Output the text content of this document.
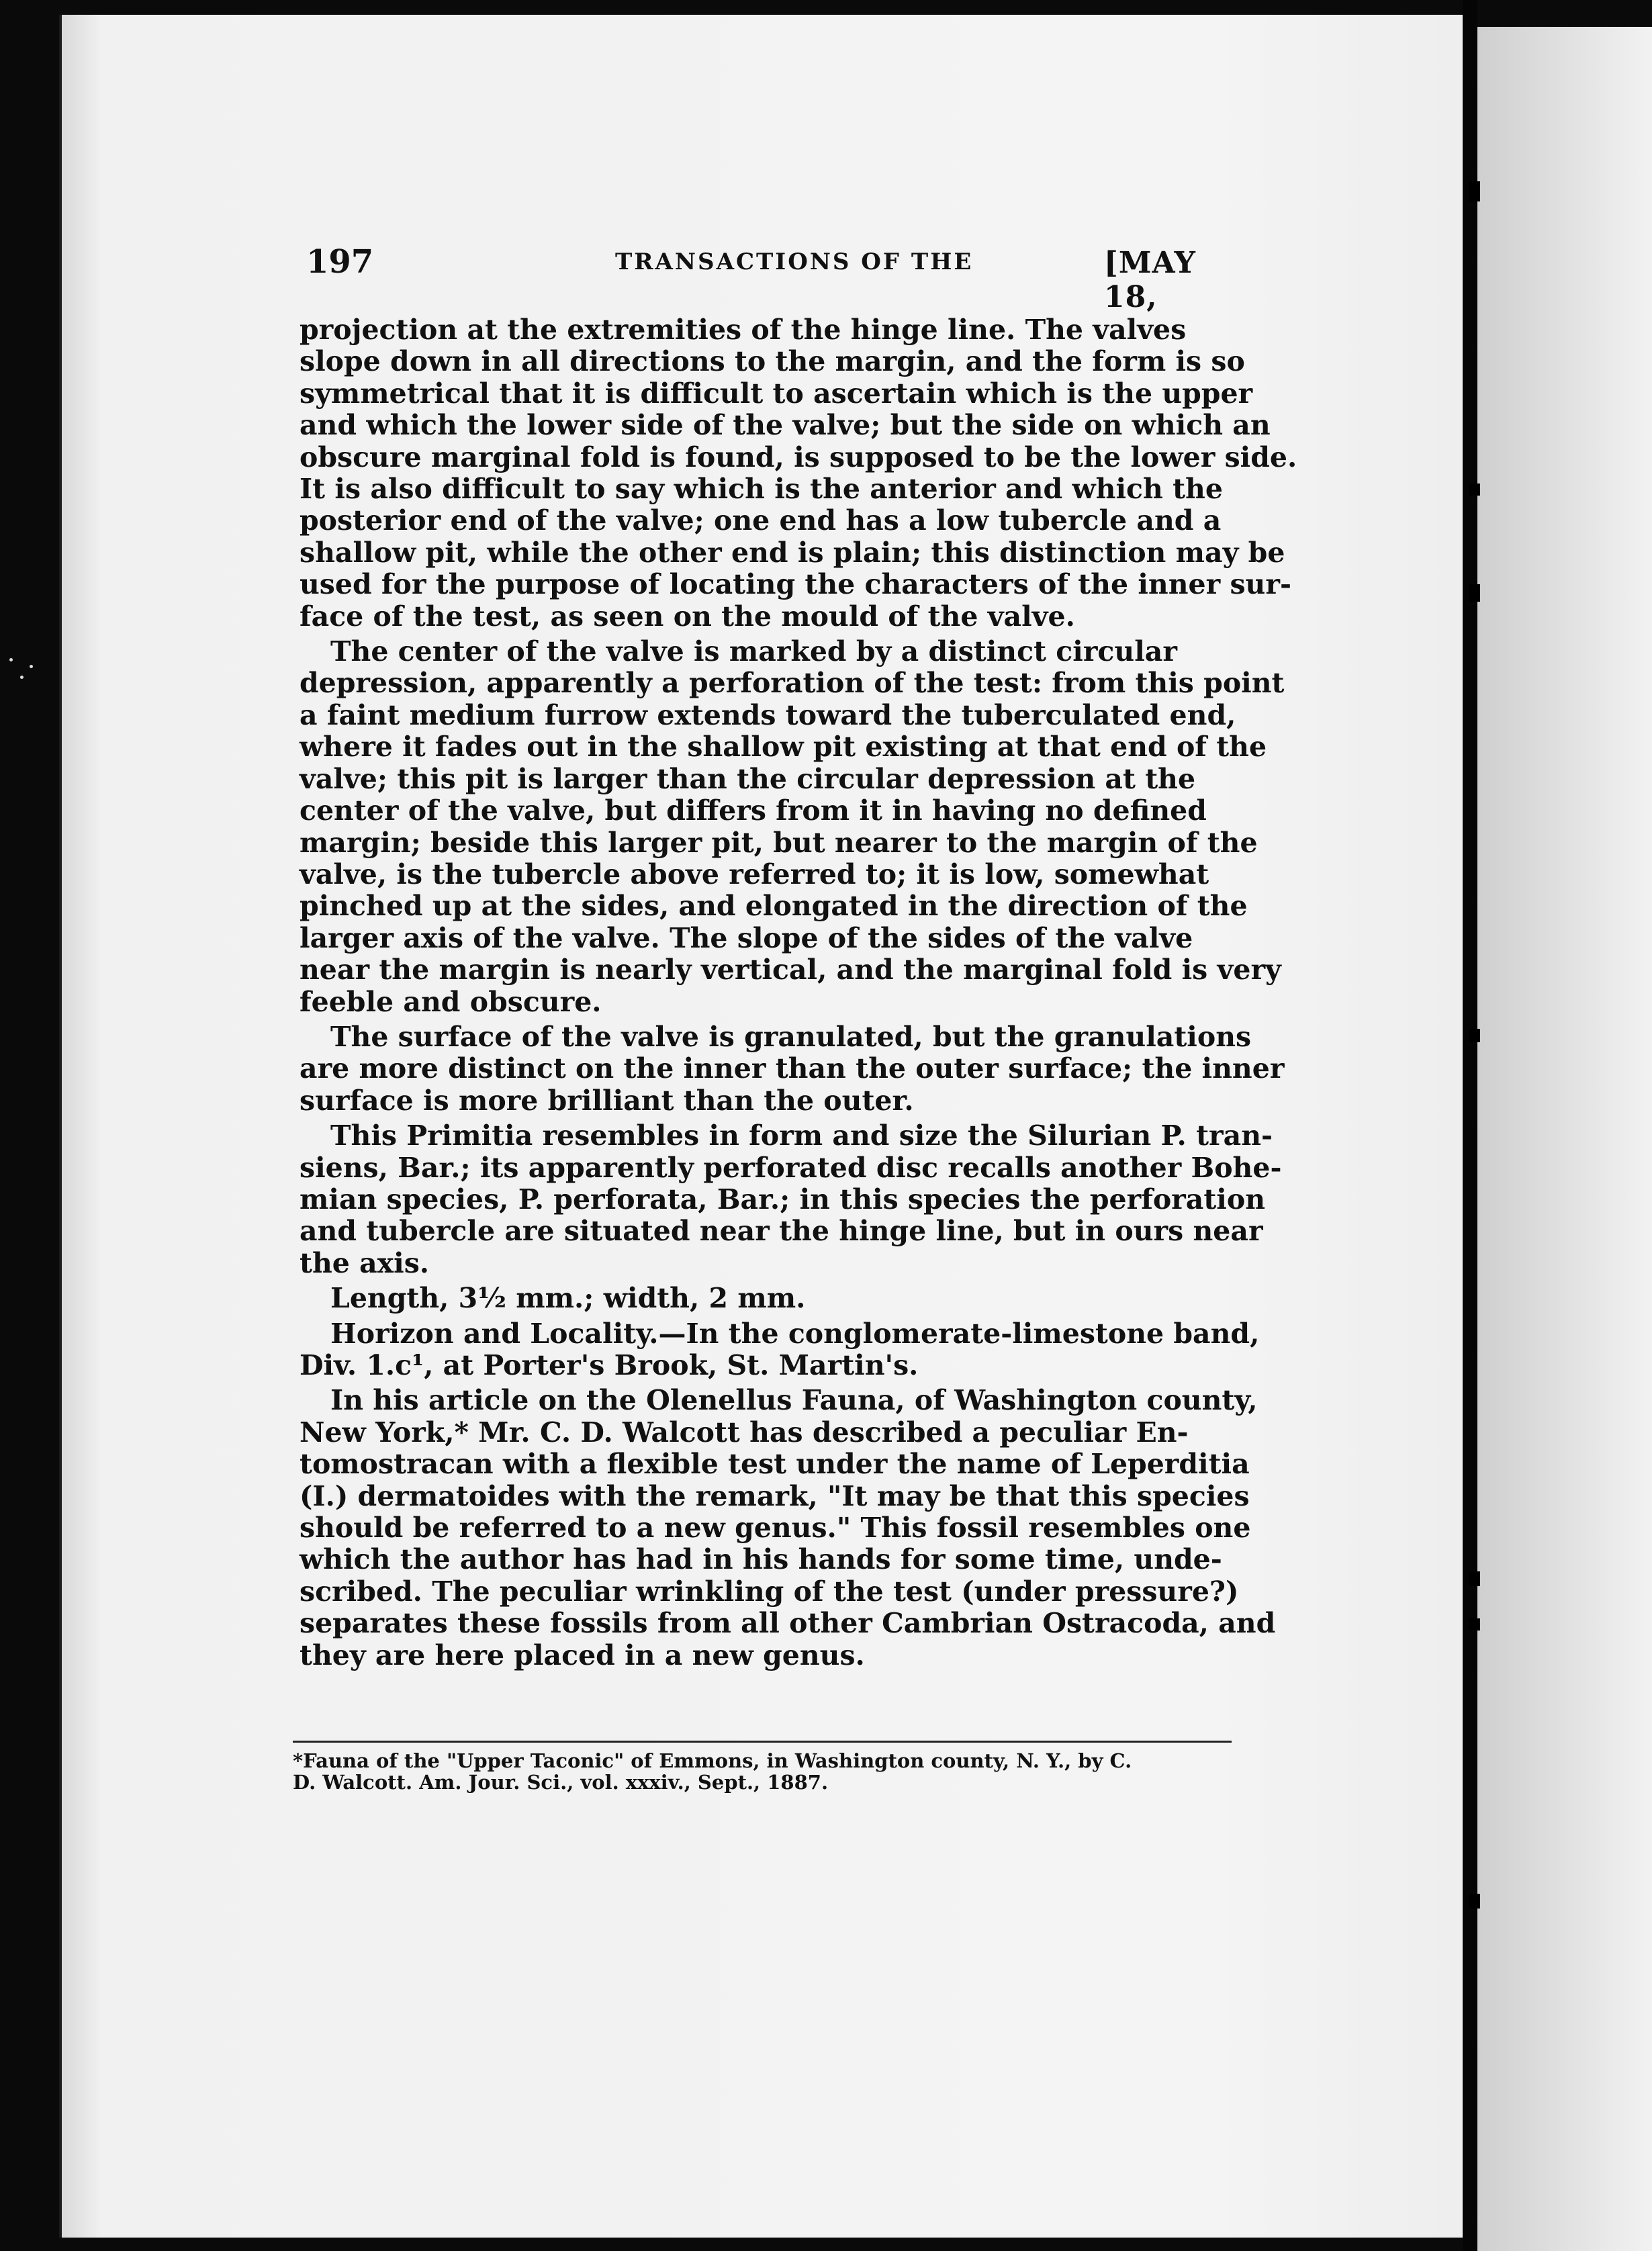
197	TRANSACTIONS OF THE	[MAY 18,

projection at the extremities of the hinge line. The valves
slope down in all directions to the margin, and the form is so
symmetrical that it is difficult to ascertain which is the upper
and which the lower side of the valve; but the side on which an
obscure marginal fold is found, is supposed to be the lower side.
It is also difficult to say which is the anterior and which the
posterior end of the valve; one end has a low tubercle and a
shallow pit, while the other end is plain; this distinction may be
used for the purpose of locating the characters of the inner sur-
face of the test, as seen on the mould of the valve.

The center of the valve is marked by a distinct circular
depression, apparently a perforation of the test: from this point
a faint medium furrow extends toward the tuberculated end,
where it fades out in the shallow pit existing at that end of the
valve; this pit is larger than the circular depression at the
center of the valve, but differs from it in having no defined
margin; beside this larger pit, but nearer to the margin of the
valve, is the tubercle above referred to; it is low, somewhat
pinched up at the sides, and elongated in the direction of the
larger axis of the valve. The slope of the sides of the valve
near the margin is nearly vertical, and the marginal fold is very
feeble and obscure.

The surface of the valve is granulated, but the granulations
are more distinct on the inner than the outer surface; the inner
surface is more brilliant than the outer.

This Primitia resembles in form and size the Silurian P. tran-
siens, Bar.; its apparently perforated disc recalls another Bohe-
mian species, P. perforata, Bar.; in this species the perforation
and tubercle are situated near the hinge line, but in ours near
the axis.

Length, 3½ mm.; width, 2 mm.

Horizon and Locality.—In the conglomerate-limestone band,
Div. 1.c¹, at Porter's Brook, St. Martin's.

In his article on the Olenellus Fauna, of Washington county,
New York,* Mr. C. D. Walcott has described a peculiar En-
tomostracan with a flexible test under the name of Leperditia
(I.) dermatoides with the remark, "It may be that this species
should be referred to a new genus." This fossil resembles one
which the author has had in his hands for some time, unde-
scribed. The peculiar wrinkling of the test (under pressure?)
separates these fossils from all other Cambrian Ostracoda, and
they are here placed in a new genus.

*Fauna of the "Upper Taconic" of Emmons, in Washington county, N. Y., by C.
D. Walcott. Am. Jour. Sci., vol. xxxiv., Sept., 1887.
